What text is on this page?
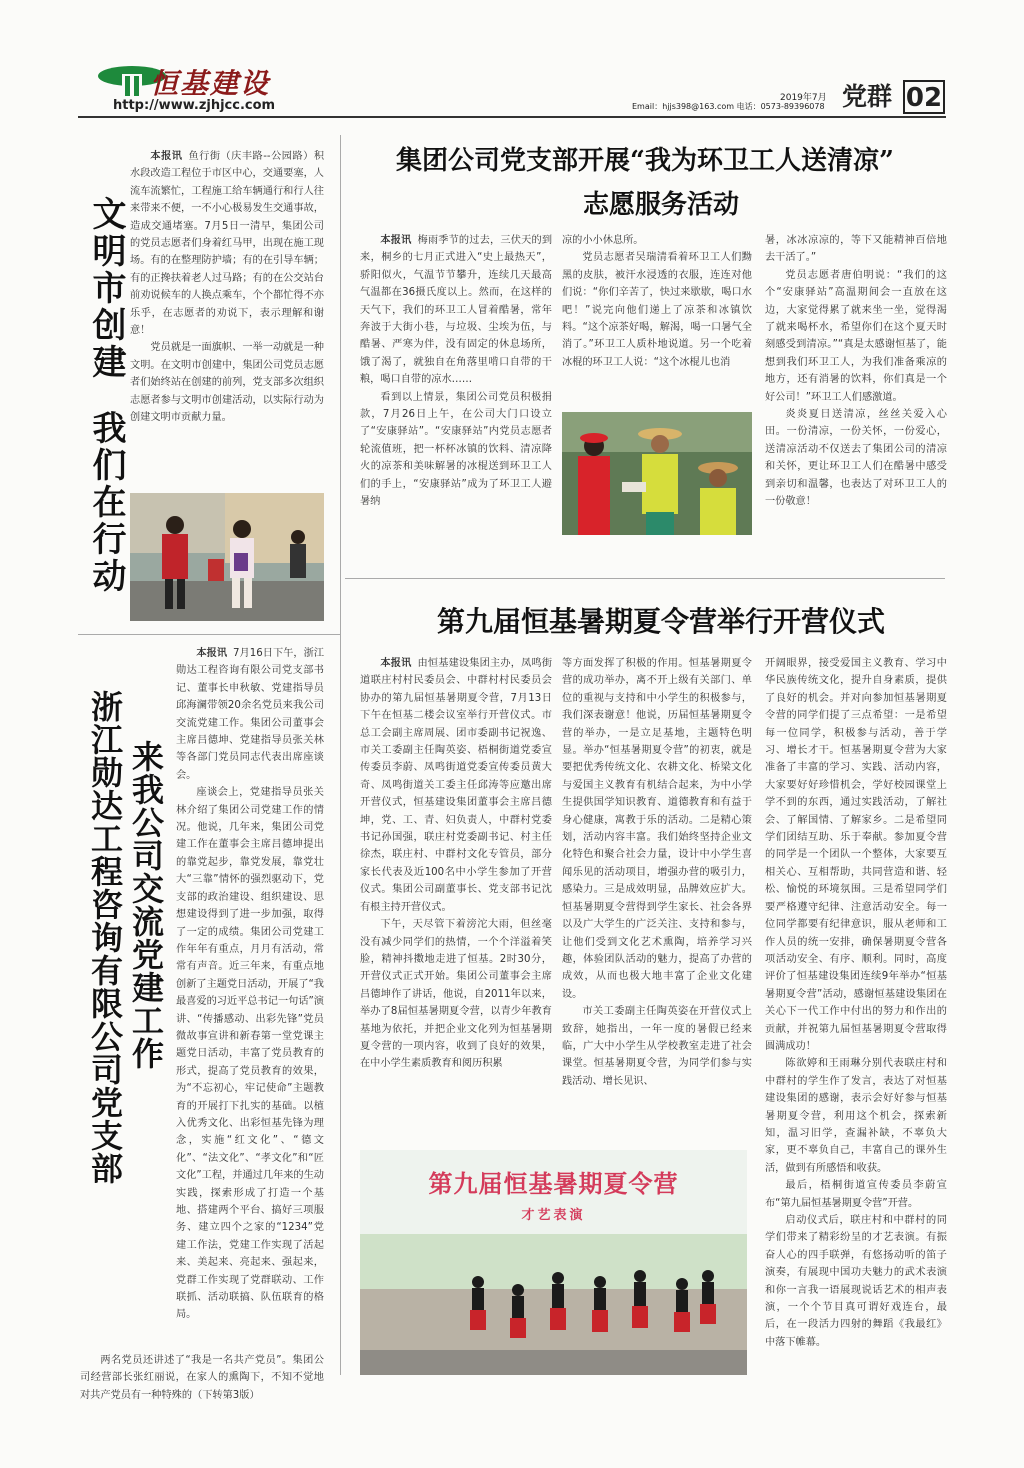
恒基建设
http://www.zjhjcc.com	2019年7月
Email：hjjs398@163.com 电话：0573-89396078 党群 02
文明市创建
我们在行动

本报讯 鱼行街（庆丰路--公园路）积水段改造工程位于市区中心，交通要塞，人流车流繁忙，工程施工给车辆通行和行人往来带来不便，一不小心极易发生交通事故，造成交通堵塞。7月5日一清早，集团公司的党员志愿者们身着红马甲，出现在施工现场。有的在整理防护墙；有的在引导车辆；有的正搀扶着老人过马路；有的在公交站台前劝说候车的人换点乘车，个个都忙得不亦乐乎，在志愿者的劝说下，表示理解和谢意！

党员就是一面旗帜、一举一动就是一种文明。在文明市创建中，集团公司党员志愿者们始终站在创建的前列，党支部多次组织志愿者参与文明市创建活动，以实际行动为创建文明市贡献力量。

集团公司党支部开展“我为环卫工人送清凉”
志愿服务活动

本报讯 梅雨季节的过去，三伏天的到来，桐乡的七月正式进入“史上最热天”，骄阳似火，气温节节攀升，连续几天最高气温都在36摄氏度以上。然而，在这样的天气下，我们的环卫工人冒着酷暑，常年奔波于大街小巷，与垃圾、尘埃为伍，与酷暑、严寒为伴，没有固定的休息场所，饿了渴了，就独自在角落里啃口自带的干粮，喝口自带的凉水……

看到以上情景，集团公司党员积极捐款，7月26日上午，在公司大门口设立了“安康驿站”。“安康驿站”内党员志愿者轮流值班，把一杯杯冰镇的饮料、清凉降火的凉茶和美味解暑的冰棍送到环卫工人们的手上，“安康驿站”成为了环卫工人避暑纳

凉的小小休息所。

党员志愿者吴瑞清看着环卫工人们黝黑的皮肤，被汗水浸透的衣服，连连对他们说：“你们辛苦了，快过来歇歇，喝口水吧！”说完向他们递上了凉茶和冰镇饮料。“这个凉茶好喝，解渴，喝一口暑气全消了。”环卫工人质朴地说道。另一个吃着冰棍的环卫工人说：“这个冰棍儿也消

暑，冰冰凉凉的，等下又能精神百倍地去干活了。”

党员志愿者唐伯明说：“我们的这个“安康驿站”高温期间会一直放在这边，大家觉得累了就来坐一坐，觉得渴了就来喝杯水，希望你们在这个夏天时刻感受到清凉。”“真是太感谢恒基了，能想到我们环卫工人，为我们准备乘凉的地方，还有消暑的饮料，你们真是一个好公司！”环卫工人们感激道。

炎炎夏日送清凉，丝丝关爱入心田。一份清凉，一份关怀，一份爱心，送清凉活动不仅送去了集团公司的清凉和关怀，更让环卫工人们在酷暑中感受到亲切和温馨，也表达了对环卫工人的一份敬意！

浙江勋达工程咨询有限公司党支部 来我公司交流党建工作

本报讯 7月16日下午，浙江勋达工程咨询有限公司党支部书记、董事长申秋敏、党建指导员邱海澜带领20余名党员来我公司交流党建工作。集团公司董事会主席吕德坤、党建指导员张关林等各部门党员同志代表出席座谈会。

座谈会上，党建指导员张关林介绍了集团公司党建工作的情况。他说，几年来，集团公司党建工作在董事会主席吕德坤提出的靠党起步，靠党发展，靠党壮大“三靠”情怀的强烈驱动下，党支部的政治建设、组织建设、思想建设得到了进一步加强，取得了一定的成绩。集团公司党建工作年年有重点，月月有活动，常常有声音。近三年来，有重点地创新了主题党日活动，开展了“我最喜爱的习近平总书记一句话”演讲、“传播感动、出彩先锋”党员微故事宣讲和新春第一堂党课主题党日活动，丰富了党员教育的形式，提高了党员教育的效果，为“不忘初心，牢记使命”主题教育的开展打下扎实的基础。以植入优秀文化、出彩恒基先锋为理念，实施“红文化”、“德文化”、“法文化”、“孝文化”和“匠文化”工程，并通过几年来的生动实践，探索形成了打造一个基地、搭建两个平台、搞好三项服务、建立四个之家的“1234”党建工作法，党建工作实现了活起来、美起来、亮起来、强起来，党群工作实现了党群联动、工作联抓、活动联搞、队伍联育的格局。

两名党员还讲述了“我是一名共产党员”。集团公司经营部长张红丽说，在家人的熏陶下，不知不觉地对共产党员有一种特殊的（下转第3版）

第九届恒基暑期夏令营举行开营仪式

本报讯 由恒基建设集团主办，凤鸣街道联庄村村民委员会、中群村村民委员会协办的第九届恒基暑期夏令营，7月13日下午在恒基二楼会议室举行开营仪式。市总工会副主席周展、团市委副书记祝逸、市关工委副主任陶英姿、梧桐街道党委宣传委员李蔚、凤鸣街道党委宣传委员黄大奇、凤鸣街道关工委主任邱涛等应邀出席开营仪式，恒基建设集团董事会主席吕德坤，党、工、青、妇负责人，中群村党委书记孙国强，联庄村党委副书记、村主任徐杰，联庄村、中群村文化专管员，部分家长代表及近100名中小学生参加了开营仪式。集团公司副董事长、党支部书记沈有根主持开营仪式。

下午，天尽管下着滂沱大雨，但丝毫没有减少同学们的热情，一个个洋溢着笑脸，精神抖擞地走进了恒基。2时30分，开营仪式正式开始。集团公司董事会主席吕德坤作了讲话，他说，自2011年以来，举办了8届恒基暑期夏令营，以青少年教育基地为依托，并把企业文化列为恒基暑期夏令营的一项内容，收到了良好的效果，在中小学生素质教育和阅历积累

等方面发挥了积极的作用。恒基暑期夏令营的成功举办，离不开上级有关部门、单位的重视与支持和中小学生的积极参与，我们深表谢意！他说，历届恒基暑期夏令营的举办，一是立足基地，主题特色明显。举办“恒基暑期夏令营”的初衷，就是要把优秀传统文化、农耕文化、桥梁文化与爱国主义教育有机结合起来，为中小学生提供国学知识教育、道德教育和有益于身心健康，寓教于乐的活动。二是精心策划，活动内容丰富。我们始终坚持企业文化特色和聚合社会力量，设计中小学生喜闻乐见的活动项目，增强办营的吸引力，感染力。三是成效明显，品牌效应扩大。恒基暑期夏令营得到学生家长、社会各界以及广大学生的广泛关注、支持和参与，让他们受到文化艺术熏陶，培养学习兴趣，体验团队活动的魅力，提高了办营的成效，从而也极大地丰富了企业文化建设。

市关工委副主任陶英姿在开营仪式上致辞，她指出，一年一度的暑假已经来临，广大中小学生从学校教室走进了社会课堂。恒基暑期夏令营，为同学们参与实践活动、增长见识、

开阔眼界，接受爱国主义教育、学习中华民族传统文化，提升自身素质，提供了良好的机会。并对向参加恒基暑期夏令营的同学们提了三点希望：一是希望每一位同学，积极参与活动，善于学习、增长才干。恒基暑期夏令营为大家准备了丰富的学习、实践、活动内容，大家要好好珍惜机会，学好校园课堂上学不到的东西，通过实践活动，了解社会、了解国情、了解家乡。二是希望同学们团结互助、乐于奉献。参加夏令营的同学是一个团队一个整体，大家要互相关心、互相帮助，共同营造和谐、轻松、愉悦的环境氛围。三是希望同学们要严格遵守纪律、注意活动安全。每一位同学都要有纪律意识，服从老师和工作人员的统一安排，确保暑期夏令营各项活动安全、有序、顺利。同时，高度评价了恒基建设集团连续9年举办“恒基暑期夏令营”活动，感谢恒基建设集团在关心下一代工作中付出的努力和作出的贡献，并祝第九届恒基暑期夏令营取得圆满成功！

陈欲婷和王雨琳分别代表联庄村和中群村的学生作了发言，表达了对恒基建设集团的感谢，表示会好好参与恒基暑期夏令营，利用这个机会，探索新知，温习旧学，查漏补缺，不辜负大家，更不辜负自己，丰富自己的课外生活，做到有所感悟和收获。

最后，梧桐街道宣传委员李蔚宣布“第九届恒基暑期夏令营”开营。

启动仪式后，联庄村和中群村的同学们带来了精彩纷呈的才艺表演。有振奋人心的四手联弹，有悠扬动听的笛子演奏，有展现中国功夫魅力的武术表演和你一言我一语展现说话艺术的相声表演，一个个节目真可谓好戏连台，最后，在一段活力四射的舞蹈《我最红》中落下帷幕。

第九届恒基暑期夏令营
才艺表演
